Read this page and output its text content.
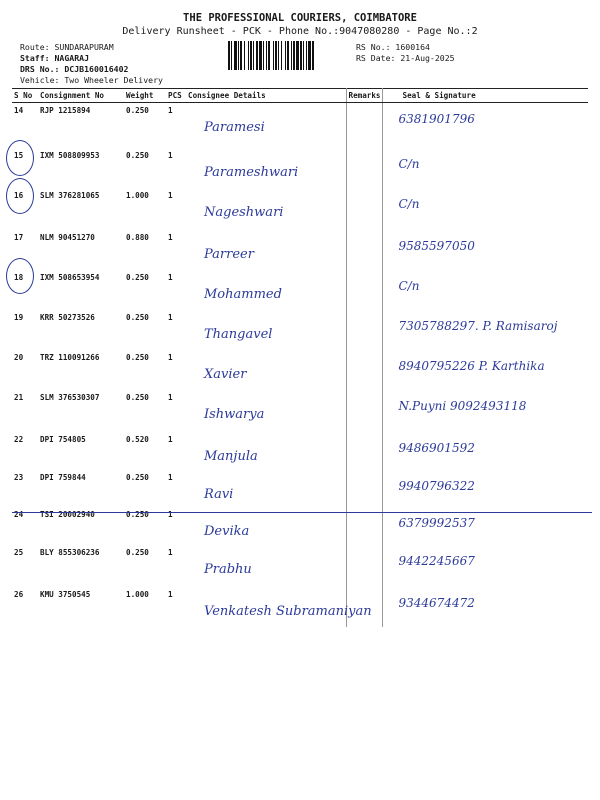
THE PROFESSIONAL COURIERS, COIMBATORE
Delivery Runsheet - PCK - Phone No.:9047080280 - Page No.:2
Route: SUNDARAPURAM
Staff: NAGARAJ
DRS No.: DCJB160016402
Vehicle: Two Wheeler Delivery
RS No.: 1600164
RS Date: 21-Aug-2025
S No	Consignment No	Weight	PCS	Consignee Details	Remarks	Seal & Signature
14	RJP 1215894	0.250	1	Paramesi		6381901796
15	IXM 508809953	0.250	1	Parameshwari		C/n
16	SLM 376281065	1.000	1	Nageshwari		C/n
17	NLM 90451270	0.880	1	Parreer		9585597050
18	IXM 508653954	0.250	1	Mohammed		C/n
19	KRR 50273526	0.250	1	Thangavel		7305788297. P. Ramisaroj
20	TRZ 110091266	0.250	1	Xavier		8940795226 P. Karthika
21	SLM 376530307	0.250	1	Ishwarya		N.Puyni 9092493118
22	DPI 754805	0.520	1	Manjula		9486901592
23	DPI 759844	0.250	1	Ravi		9940796322
24	TSI 20002940	0.250	1	Devika		6379992537
25	BLY 855306236	0.250	1	Prabhu		9442245667
26	KMU 3750545	1.000	1	Venkatesh Subramaniyan		9344674472
